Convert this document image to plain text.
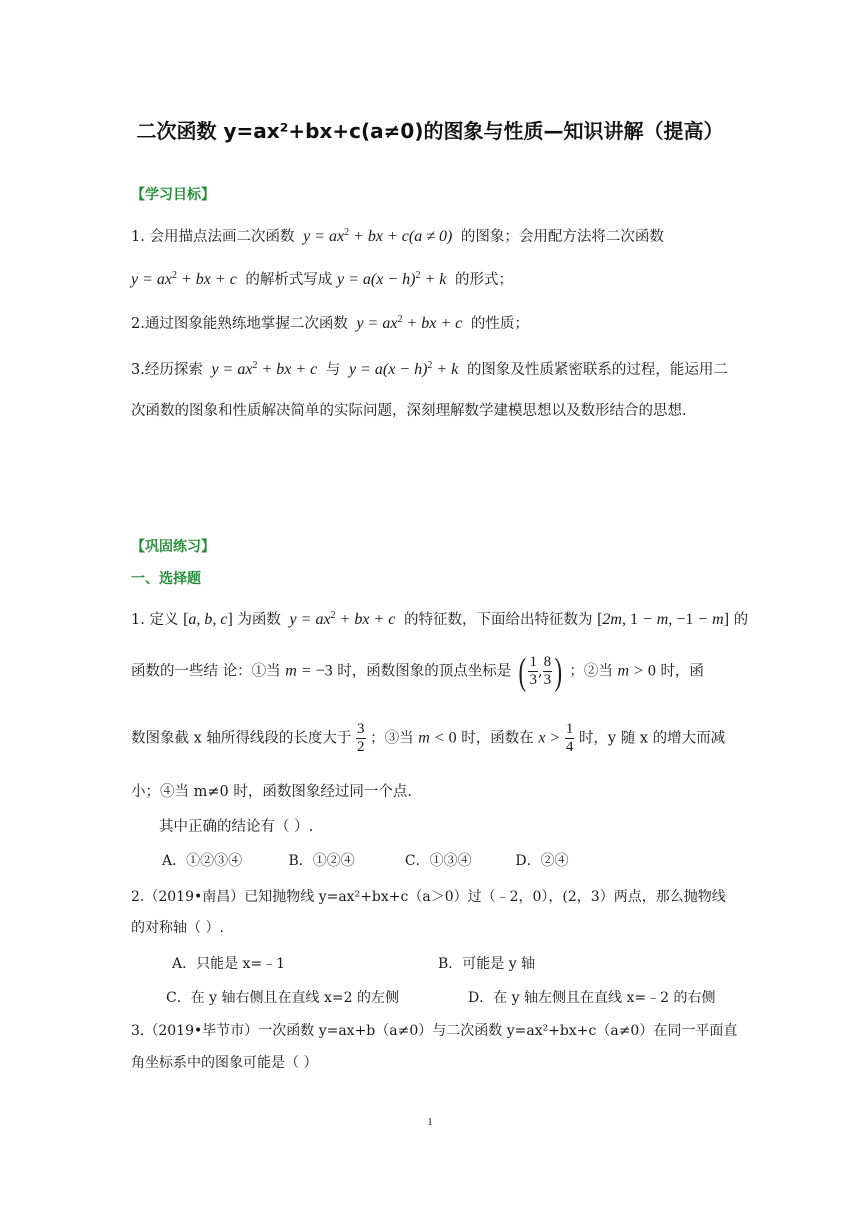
二次函数 y=ax²+bx+c(a≠0)的图象与性质—知识讲解（提高）
【学习目标】
1. 会用描点法画二次函数  $y = ax^2$ + bx + c(a ≠ 0)  的图象；会用配方法将二次函数
$y = ax^2$ + bx + c  的解析式写成 $y = a(x - h)^2 + k$  的形式；
2.通过图象能熟练地掌握二次函数  $y = ax^2$ + bx + c  的性质；
3.经历探索  $y = ax^2$ + bx + c  与  $y = a(x - h)^2 + k$  的图象及性质紧密联系的过程，能运用二
次函数的图象和性质解决简单的实际问题，深刻理解数学建模思想以及数形结合的思想.
【巩固练习】
一、选择题
1. 定义 [a, b, c] 为函数  $y = ax^2$ + bx + c  的特征数，下面给出特征数为 [2m, 1 − m, −1 − m] 的
函数的一些结 论：①当 m = −3 时，函数图象的顶点坐标是 ( $\frac{1}{3}$ , $\frac{8}{3}$ ) ；②当 m > 0 时，函
数图象截 x 轴所得线段的长度大于 $\frac{3}{2}$ ；③当 m < 0 时，函数在 $x > \frac{1}{4}$ 时，y 随 x 的增大而减
小；④当 m≠0 时，函数图象经过同一个点.
其中正确的结论有（ ）.
A．①②③④	B．①②④	C．①③④	D．②④
2.（2019•南昌）已知抛物线 y=ax²+bx+c（a＞0）过（﹣2，0），(2，3）两点，那么抛物线
的对称轴（ ）.
A．只能是 x=﹣1	B．可能是 y 轴
C．在 y 轴右侧且在直线 x=2 的左侧	D．在 y 轴左侧且在直线 x=﹣2 的右侧
3.（2019•毕节市）一次函数 y=ax+b（a≠0）与二次函数 y=ax²+bx+c（a≠0）在同一平面直
角坐标系中的图象可能是（ ）
1
